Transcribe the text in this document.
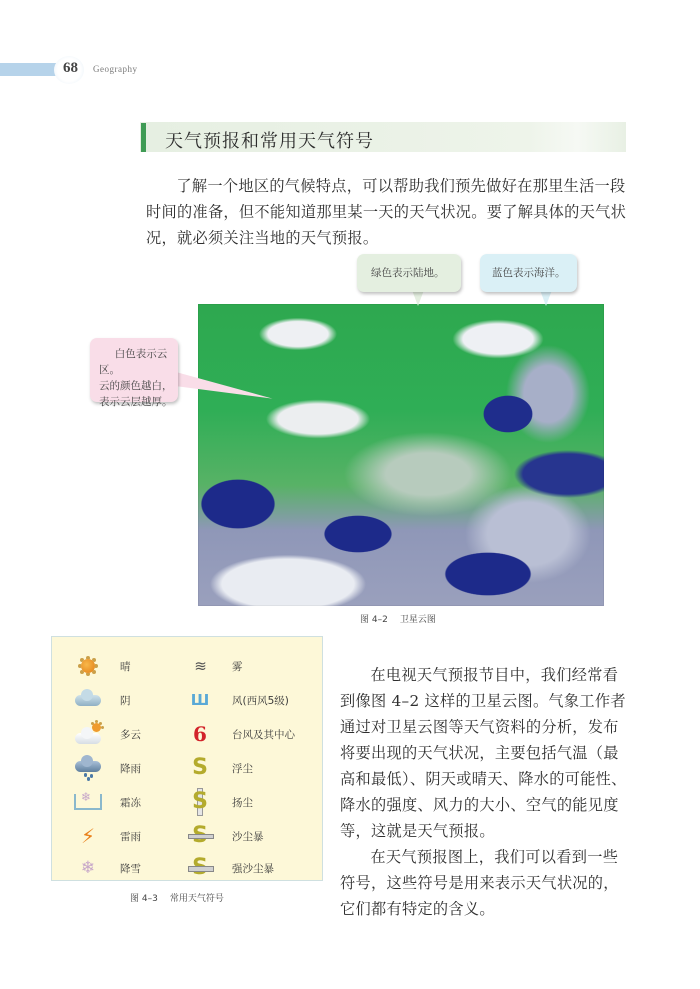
68 Geography
天气预报和常用天气符号

了解一个地区的气候特点，可以帮助我们预先做好在那里生活一段时间的准备，但不能知道那里某一天的天气状况。要了解具体的天气状况，就必须关注当地的天气预报。

绿色表示陆地。	蓝色表示海洋。
白色表示云区。
云的颜色越白，
表示云层越厚。
图 4–2 卫星云图
晴
阴
多云
降雨
❄	霜冻
⚡ 雷雨
❄ 降雪
≋ 雾
Ш 风(西风5级)
6 台风及其中心
S 浮尘
S 扬尘
沙尘暴
强沙尘暴
图 4–3 常用天气符号

在电视天气预报节目中，我们经常看到像图 4–2 这样的卫星云图。气象工作者通过对卫星云图等天气资料的分析，发布将要出现的天气状况，主要包括气温（最高和最低）、阴天或晴天、降水的可能性、降水的强度、风力的大小、空气的能见度等，这就是天气预报。

在天气预报图上，我们可以看到一些符号，这些符号是用来表示天气状况的，它们都有特定的含义。
